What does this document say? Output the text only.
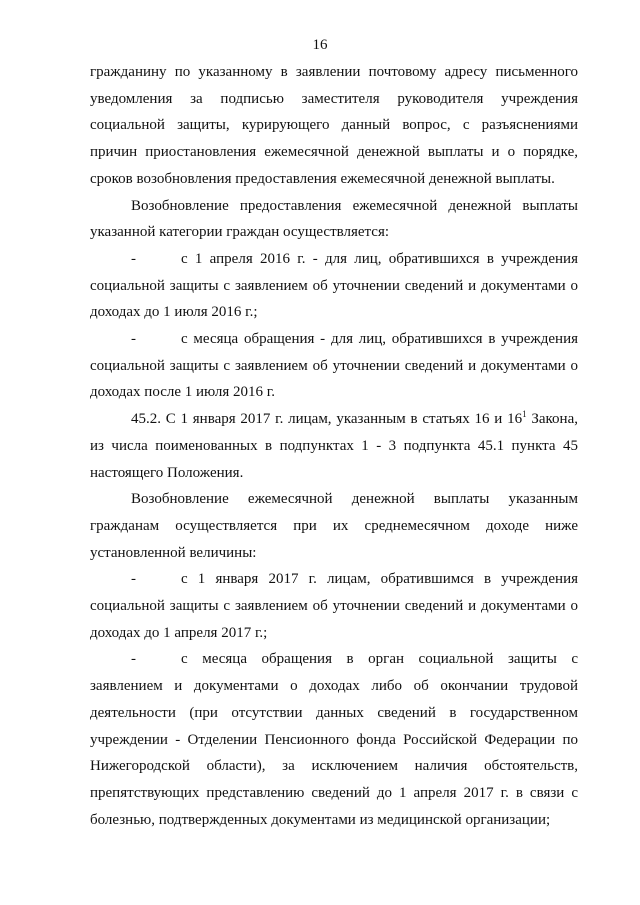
16

гражданину по указанному в заявлении почтовому адресу письменного уведомления за подписью заместителя руководителя учреждения социальной защиты, курирующего данный вопрос, с разъяснениями причин приостановления ежемесячной денежной выплаты и о порядке, сроков возобновления предоставления ежемесячной денежной выплаты.

Возобновление предоставления ежемесячной денежной выплаты указанной категории граждан осуществляется:

-	с 1 апреля 2016 г. - для лиц, обратившихся в учреждения социальной защиты с заявлением об уточнении сведений и документами о доходах до 1 июля 2016 г.;

-	с месяца обращения - для лиц, обратившихся в учреждения социальной защиты с заявлением об уточнении сведений и документами о доходах после 1 июля 2016 г.

45.2. С 1 января 2017 г. лицам, указанным в статьях 16 и $16^1$ Закона, из числа поименованных в подпунктах 1 - 3 подпункта 45.1 пункта 45 настоящего Положения.

Возобновление ежемесячной денежной выплаты указанным гражданам осуществляется при их среднемесячном доходе ниже установленной величины:

-	с 1 января 2017 г. лицам, обратившимся в учреждения социальной защиты с заявлением об уточнении сведений и документами о доходах до 1 апреля 2017 г.;

-	с месяца обращения в орган социальной защиты с заявлением и документами о доходах либо об окончании трудовой деятельности (при отсутствии данных сведений в государственном учреждении - Отделении Пенсионного фонда Российской Федерации по Нижегородской области), за исключением наличия обстоятельств, препятствующих представлению сведений до 1 апреля 2017 г. в связи с болезнью, подтвержденных документами из медицинской организации;
